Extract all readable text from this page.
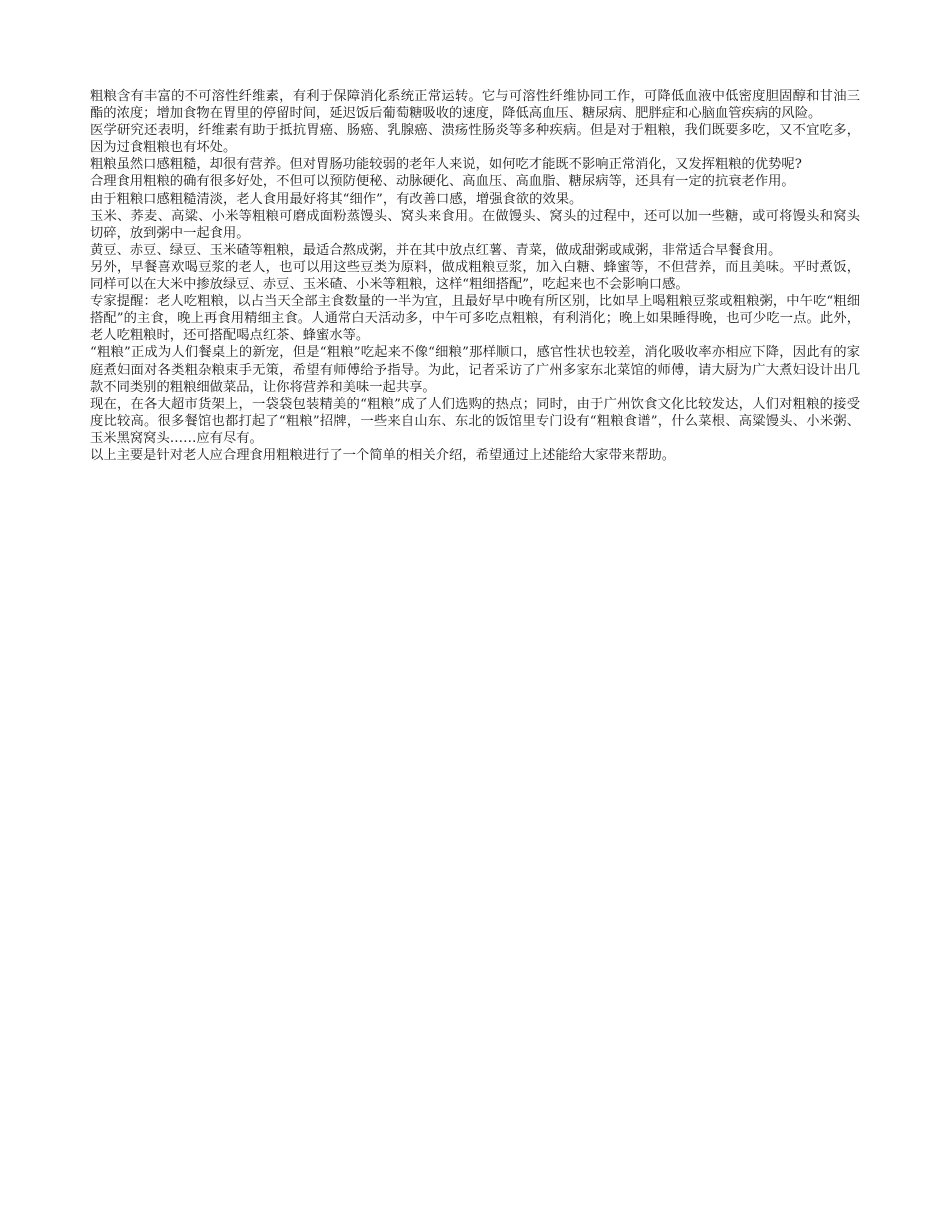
粗粮含有丰富的不可溶性纤维素，有利于保障消化系统正常运转。它与可溶性纤维协同工作，可降低血液中低密度胆固醇和甘油三酯的浓度；增加食物在胃里的停留时间，延迟饭后葡萄糖吸收的速度，降低高血压、糖尿病、肥胖症和心脑血管疾病的风险。

医学研究还表明，纤维素有助于抵抗胃癌、肠癌、乳腺癌、溃疡性肠炎等多种疾病。但是对于粗粮，我们既要多吃，又不宜吃多，因为过食粗粮也有坏处。

粗粮虽然口感粗糙，却很有营养。但对胃肠功能较弱的老年人来说，如何吃才能既不影响正常消化，又发挥粗粮的优势呢?

合理食用粗粮的确有很多好处，不但可以预防便秘、动脉硬化、高血压、高血脂、糖尿病等，还具有一定的抗衰老作用。

由于粗粮口感粗糙清淡，老人食用最好将其“细作”，有改善口感，增强食欲的效果。

玉米、荞麦、高粱、小米等粗粮可磨成面粉蒸馒头、窝头来食用。在做馒头、窝头的过程中，还可以加一些糖，或可将馒头和窝头切碎，放到粥中一起食用。

黄豆、赤豆、绿豆、玉米碴等粗粮，最适合熬成粥，并在其中放点红薯、青菜，做成甜粥或咸粥，非常适合早餐食用。

另外，早餐喜欢喝豆浆的老人，也可以用这些豆类为原料，做成粗粮豆浆，加入白糖、蜂蜜等，不但营养，而且美味。平时煮饭，同样可以在大米中掺放绿豆、赤豆、玉米碴、小米等粗粮，这样“粗细搭配”，吃起来也不会影响口感。

专家提醒：老人吃粗粮，以占当天全部主食数量的一半为宜，且最好早中晚有所区别，比如早上喝粗粮豆浆或粗粮粥，中午吃“粗细搭配”的主食，晚上再食用精细主食。人通常白天活动多，中午可多吃点粗粮，有利消化；晚上如果睡得晚，也可少吃一点。此外，老人吃粗粮时，还可搭配喝点红茶、蜂蜜水等。

“粗粮”正成为人们餐桌上的新宠，但是“粗粮”吃起来不像“细粮”那样顺口，感官性状也较差，消化吸收率亦相应下降，因此有的家庭煮妇面对各类粗杂粮束手无策，希望有师傅给予指导。为此，记者采访了广州多家东北菜馆的师傅，请大厨为广大煮妇设计出几款不同类别的粗粮细做菜品，让你将营养和美味一起共享。

现在，在各大超市货架上，一袋袋包装精美的“粗粮”成了人们选购的热点；同时，由于广州饮食文化比较发达，人们对粗粮的接受度比较高。很多餐馆也都打起了“粗粮”招牌，一些来自山东、东北的饭馆里专门设有“粗粮食谱”，什么菜根、高粱馒头、小米粥、玉米黑窝窝头……应有尽有。

以上主要是针对老人应合理食用粗粮进行了一个简单的相关介绍，希望通过上述能给大家带来帮助。
